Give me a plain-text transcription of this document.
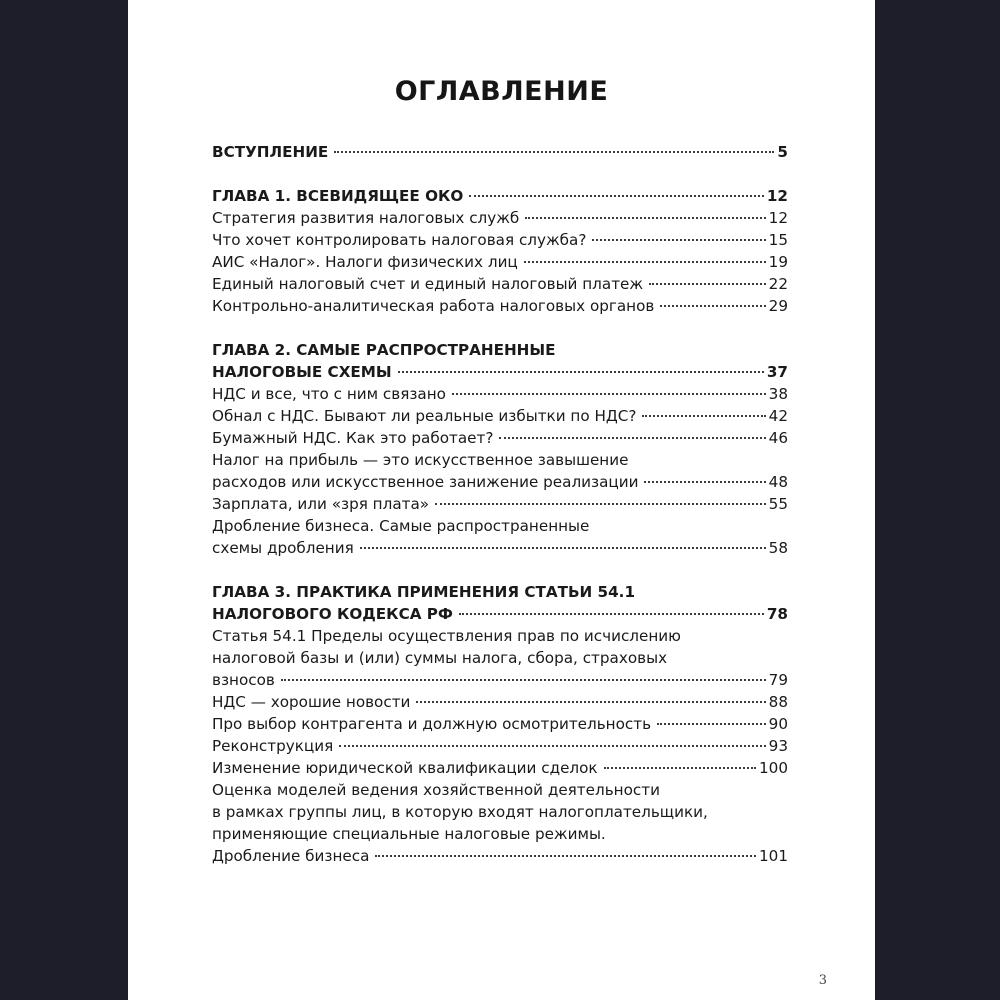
ОГЛАВЛЕНИЕ
ВСТУПЛЕНИЕ	5
ГЛАВА 1. ВСЕВИДЯЩЕЕ ОКО	12
Стратегия развития налоговых служб	12
Что хочет контролировать налоговая служба?	15
АИС «Налог». Налоги физических лиц	19
Единый налоговый счет и единый налоговый платеж	22
Контрольно-аналитическая работа налоговых органов	29
ГЛАВА 2. САМЫЕ РАСПРОСТРАНЕННЫЕ
НАЛОГОВЫЕ СХЕМЫ	37
НДС и все, что с ним связано	38
Обнал с НДС. Бывают ли реальные избытки по НДС?	42
Бумажный НДС. Как это работает?	46
Налог на прибыль — это искусственное завышение
расходов или искусственное занижение реализации	48
Зарплата, или «зря плата»	55
Дробление бизнеса. Самые распространенные
схемы дробления	58
ГЛАВА 3. ПРАКТИКА ПРИМЕНЕНИЯ СТАТЬИ 54.1
НАЛОГОВОГО КОДЕКСА РФ	78
Статья 54.1 Пределы осуществления прав по исчислению
налоговой базы и (или) суммы налога, сбора, страховых
взносов	79
НДС — хорошие новости	88
Про выбор контрагента и должную осмотрительность	90
Реконструкция	93
Изменение юридической квалификации сделок	100
Оценка моделей ведения хозяйственной деятельности
в рамках группы лиц, в которую входят налогоплательщики,
применяющие специальные налоговые режимы.
Дробление бизнеса	101
3
